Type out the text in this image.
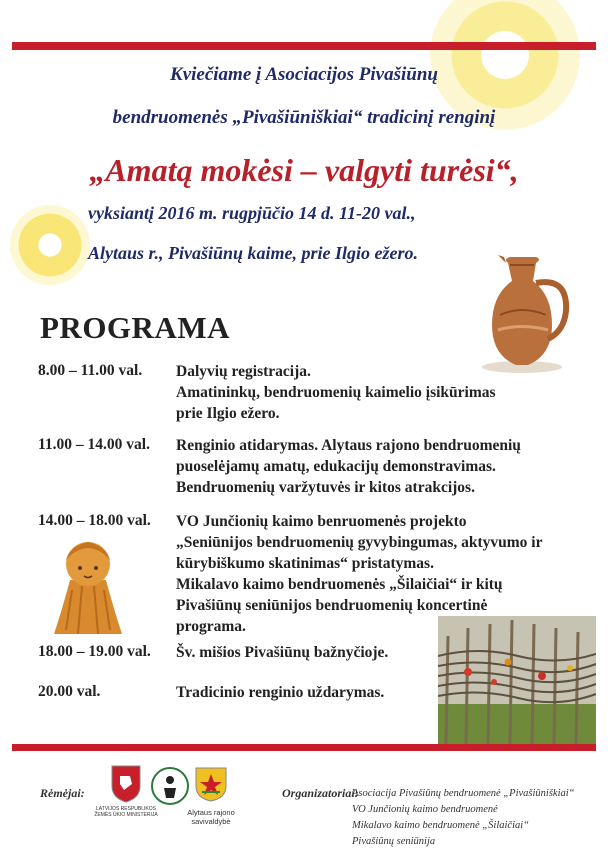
Kviečiame į Asociacijos Pivašiūnų
bendruomenės „Pivašiūniškiai“ tradicinį renginį
„Amatą mokėsi – valgyti turėsi“,
vyksiantį 2016 m. rugpjūčio 14 d. 11-20 val.,
Alytaus r., Pivašiūnų kaime, prie Ilgio ežero.
PROGRAMA
8.00 – 11.00 val. Dalyvių registracija.
Amatininkų, bendruomenių kaimelio įsikūrimas
prie Ilgio ežero.
11.00 – 14.00 val. Renginio atidarymas. Alytaus rajono bendruomenių
puoselėjamų amatų, edukacijų demonstravimas.
Bendruomenių varžytuvės ir kitos atrakcijos.
14.00 – 18.00 val. VO Junčionių kaimo benruomenės projekto
„Seniūnijos bendruomenių gyvybingumas, aktyvumo ir
kūrybiškumo skatinimas“ pristatymas.
Mikalavo kaimo bendruomenės „Šilaičiai“ ir kitų
Pivašiūnų seniūnijos bendruomenių koncertinė
programa.
18.00 – 19.00 val. Šv. mišios Pivašiūnų bažnyčioje.
20.00 val.	Tradicinio renginio uždarymas.
Rėmėjai:
LATVIJOS RESPUBLIKOS ŽEMĖS ŪKIO MINISTERIJA	Alytaus rajono
savivaldybė
Organizatoriai:
Asociacija Pivašiūnų bendruomenė „Pivašiūniškiai“
VO Junčionių kaimo bendruomenė
Mikalavo kaimo bendruomenė „Šilaičiai“
Pivašiūnų seniūnija
